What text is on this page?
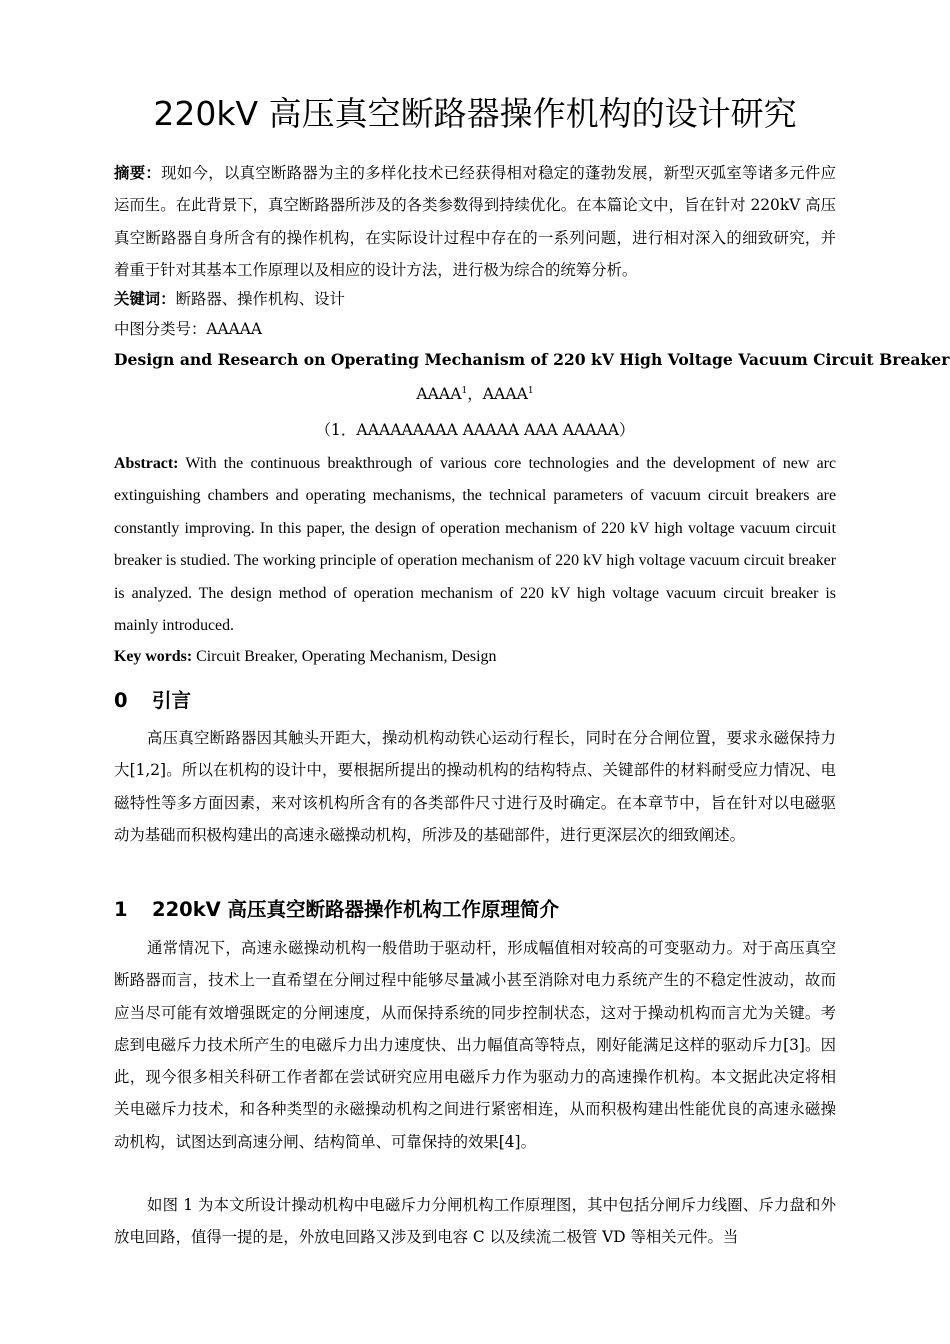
220kV 高压真空断路器操作机构的设计研究

摘要：现如今，以真空断路器为主的多样化技术已经获得相对稳定的蓬勃发展，新型灭弧室等诸多元件应运而生。在此背景下，真空断路器所涉及的各类参数得到持续优化。在本篇论文中，旨在针对 220kV 高压真空断路器自身所含有的操作机构，在实际设计过程中存在的一系列问题，进行相对深入的细致研究，并着重于针对其基本工作原理以及相应的设计方法，进行极为综合的统筹分析。

关键词：断路器、操作机构、设计

中图分类号：AAAAA

Design and Research on Operating Mechanism of 220 kV High Voltage Vacuum Circuit Breaker
AAAA$^1$，AAAA$^1$
（1．AAAAAAAAA AAAAA AAA AAAAA）

Abstract: With the continuous breakthrough of various core technologies and the development of new arc extinguishing chambers and operating mechanisms, the technical parameters of vacuum circuit breakers are constantly improving. In this paper, the design of operation mechanism of 220 kV high voltage vacuum circuit breaker is studied. The working principle of operation mechanism of 220 kV high voltage vacuum circuit breaker is analyzed. The design method of operation mechanism of 220 kV high voltage vacuum circuit breaker is mainly introduced.

Key words: Circuit Breaker, Operating Mechanism, Design

0 引言

高压真空断路器因其触头开距大，操动机构动铁心运动行程长，同时在分合闸位置，要求永磁保持力大[1,2]。所以在机构的设计中，要根据所提出的操动机构的结构特点、关键部件的材料耐受应力情况、电磁特性等多方面因素，来对该机构所含有的各类部件尺寸进行及时确定。在本章节中，旨在针对以电磁驱动为基础而积极构建出的高速永磁操动机构，所涉及的基础部件，进行更深层次的细致阐述。

1 220kV 高压真空断路器操作机构工作原理简介

通常情况下，高速永磁操动机构一般借助于驱动杆，形成幅值相对较高的可变驱动力。对于高压真空断路器而言，技术上一直希望在分闸过程中能够尽量减小甚至消除对电力系统产生的不稳定性波动，故而应当尽可能有效增强既定的分闸速度，从而保持系统的同步控制状态，这对于操动机构而言尤为关键。考虑到电磁斥力技术所产生的电磁斥力出力速度快、出力幅值高等特点，刚好能满足这样的驱动斥力[3]。因此，现今很多相关科研工作者都在尝试研究应用电磁斥力作为驱动力的高速操作机构。本文据此决定将相关电磁斥力技术，和各种类型的永磁操动机构之间进行紧密相连，从而积极构建出性能优良的高速永磁操动机构，试图达到高速分闸、结构简单、可靠保持的效果[4]。

如图 1 为本文所设计操动机构中电磁斥力分闸机构工作原理图，其中包括分闸斥力线圈、斥力盘和外放电回路，值得一提的是，外放电回路又涉及到电容 C 以及续流二极管 VD 等相关元件。当
